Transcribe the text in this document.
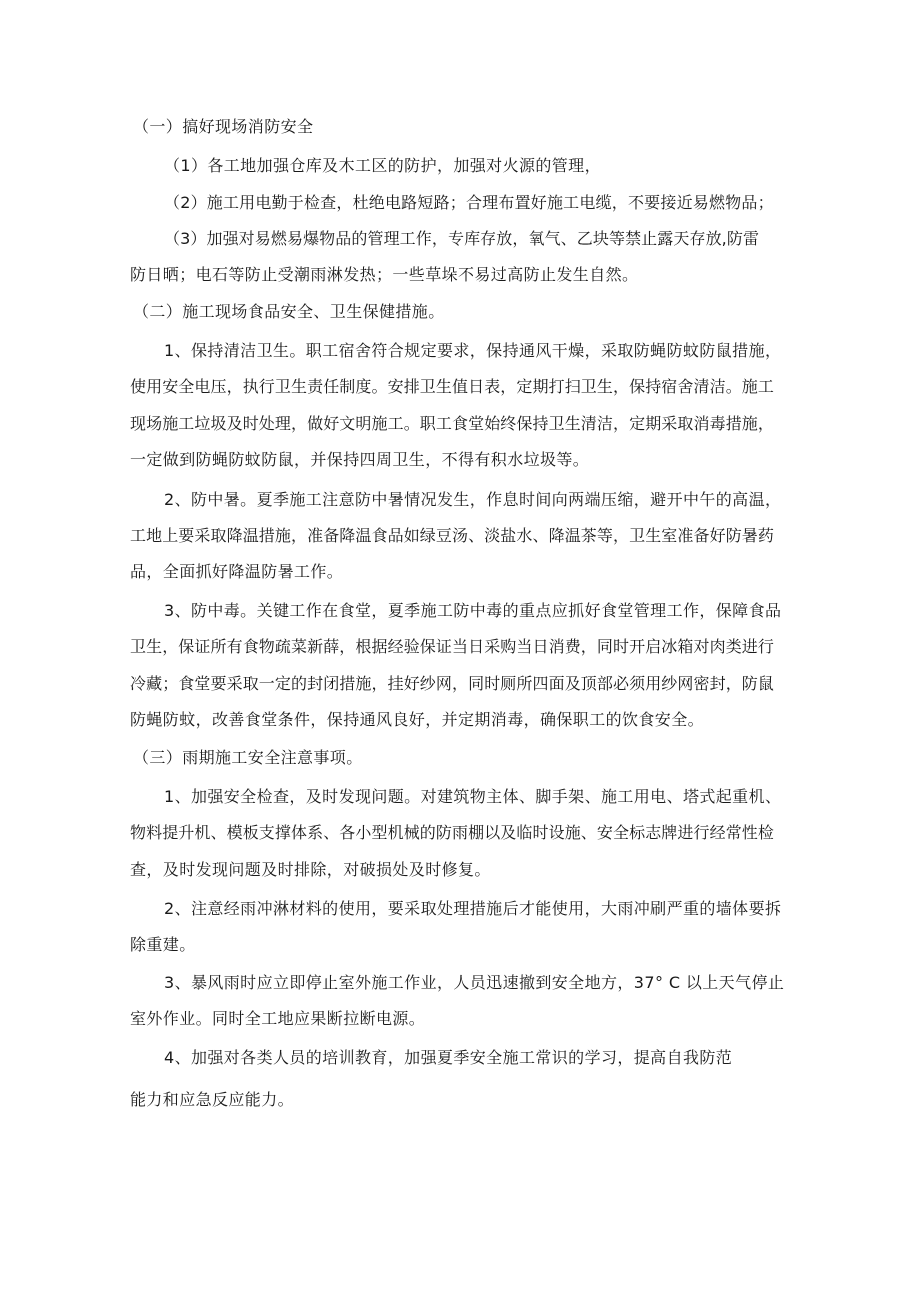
（一）搞好现场消防安全
（1）各工地加强仓库及木工区的防护，加强对火源的管理，
（2）施工用电勤于检查，杜绝电路短路；合理布置好施工电缆，不要接近易燃物品；
（3）加强对易燃易爆物品的管理工作，专库存放，氧气、乙块等禁止露天存放,防雷
防日晒；电石等防止受潮雨淋发热；一些草垛不易过高防止发生自然。
（二）施工现场食品安全、卫生保健措施。
1、保持清洁卫生。职工宿舍符合规定要求，保持通风干燥，采取防蝇防蚊防鼠措施，
使用安全电压，执行卫生责任制度。安排卫生值日表，定期打扫卫生，保持宿舍清洁。施工
现场施工垃圾及时处理，做好文明施工。职工食堂始终保持卫生清洁，定期采取消毒措施，
一定做到防蝇防蚊防鼠，并保持四周卫生，不得有积水垃圾等。
2、防中暑。夏季施工注意防中暑情况发生，作息时间向两端压缩，避开中午的高温，
工地上要采取降温措施，准备降温食品如绿豆汤、淡盐水、降温茶等，卫生室准备好防暑药
品，全面抓好降温防暑工作。
3、防中毒。关键工作在食堂，夏季施工防中毒的重点应抓好食堂管理工作，保障食品
卫生，保证所有食物疏菜新薛，根据经验保证当日采购当日消费，同时开启冰箱对肉类进行
冷藏；食堂要采取一定的封闭措施，挂好纱网，同时厕所四面及顶部必须用纱网密封，防鼠
防蝇防蚊，改善食堂条件，保持通风良好，并定期消毒，确保职工的饮食安全。
（三）雨期施工安全注意事项。
1、加强安全检查，及时发现问题。对建筑物主体、脚手架、施工用电、塔式起重机、
物料提升机、模板支撑体系、各小型机械的防雨棚以及临时设施、安全标志牌进行经常性检
查，及时发现问题及时排除，对破损处及时修复。
2、注意经雨冲淋材料的使用，要采取处理措施后才能使用，大雨冲刷严重的墙体要拆
除重建。
3、暴风雨时应立即停止室外施工作业，人员迅速撤到安全地方，37° C 以上天气停止
室外作业。同时全工地应果断拉断电源。
4、加强对各类人员的培训教育，加强夏季安全施工常识的学习，提高自我防范
能力和应急反应能力。
